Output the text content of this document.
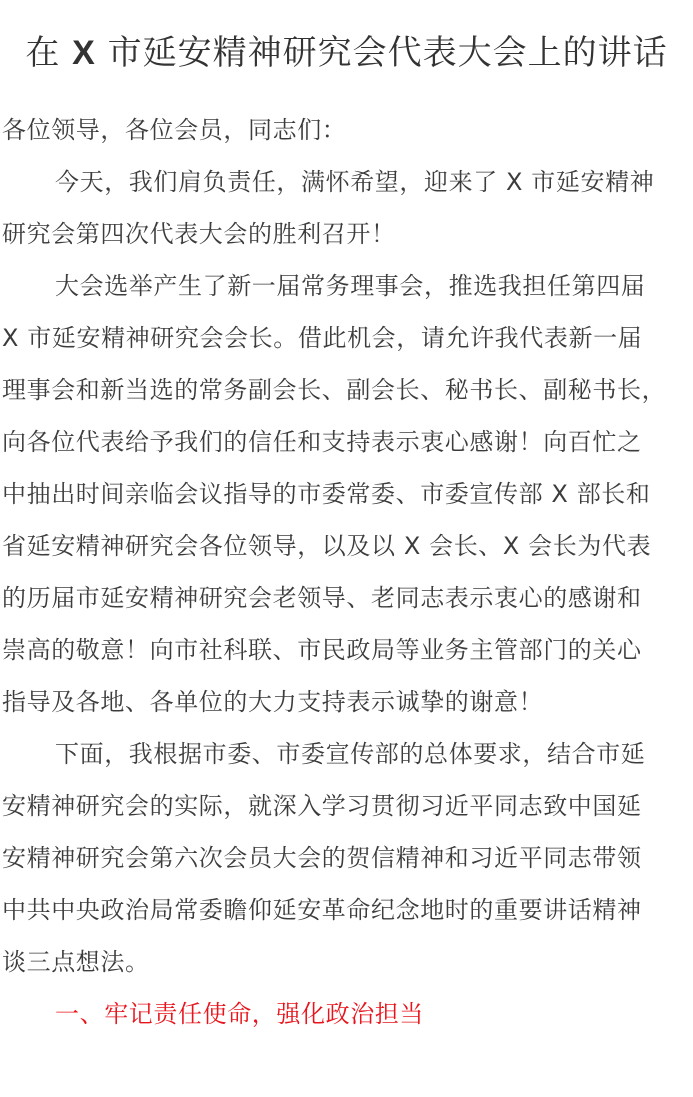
在 X 市延安精神研究会代表大会上的讲话
各位领导，各位会员，同志们：
今天，我们肩负责任，满怀希望，迎来了 X 市延安精神
研究会第四次代表大会的胜利召开！
大会选举产生了新一届常务理事会，推选我担任第四届
X 市延安精神研究会会长。借此机会，请允许我代表新一届
理事会和新当选的常务副会长、副会长、秘书长、副秘书长，
向各位代表给予我们的信任和支持表示衷心感谢！向百忙之
中抽出时间亲临会议指导的市委常委、市委宣传部 X 部长和
省延安精神研究会各位领导，以及以 X 会长、X 会长为代表
的历届市延安精神研究会老领导、老同志表示衷心的感谢和
崇高的敬意！向市社科联、市民政局等业务主管部门的关心
指导及各地、各单位的大力支持表示诚挚的谢意！
下面，我根据市委、市委宣传部的总体要求，结合市延
安精神研究会的实际，就深入学习贯彻习近平同志致中国延
安精神研究会第六次会员大会的贺信精神和习近平同志带领
中共中央政治局常委瞻仰延安革命纪念地时的重要讲话精神
谈三点想法。
一、牢记责任使命，强化政治担当
